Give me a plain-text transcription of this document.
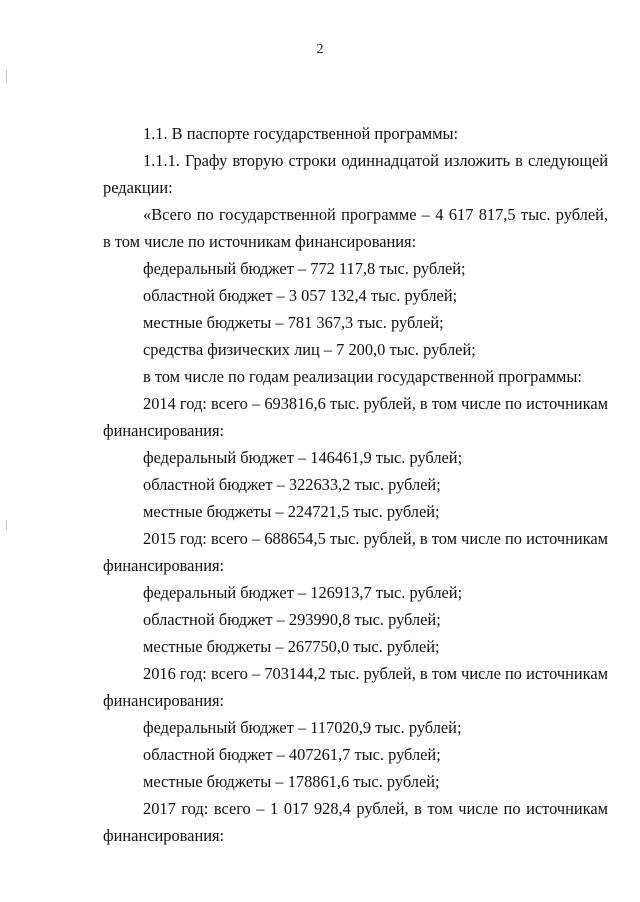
2

1.1. В паспорте государственной программы:

1.1.1. Графу вторую строки одиннадцатой изложить в следующей редакции:

«Всего по государственной программе – 4 617 817,5 тыс. рублей, в том числе по источникам финансирования:

федеральный бюджет – 772 117,8 тыс. рублей;

областной бюджет – 3 057 132,4 тыс. рублей;

местные бюджеты – 781 367,3 тыс. рублей;

средства физических лиц – 7 200,0 тыс. рублей;

в том числе по годам реализации государственной программы:

2014 год: всего – 693816,6 тыс. рублей, в том числе по источникам финансирования:

федеральный бюджет – 146461,9 тыс. рублей;

областной бюджет – 322633,2 тыс. рублей;

местные бюджеты – 224721,5 тыс. рублей;

2015 год: всего – 688654,5 тыс. рублей, в том числе по источникам финансирования:

федеральный бюджет – 126913,7 тыс. рублей;

областной бюджет – 293990,8 тыс. рублей;

местные бюджеты – 267750,0 тыс. рублей;

2016 год: всего – 703144,2 тыс. рублей, в том числе по источникам финансирования:

федеральный бюджет – 117020,9 тыс. рублей;

областной бюджет – 407261,7 тыс. рублей;

местные бюджеты – 178861,6 тыс. рублей;

2017 год: всего – 1 017 928,4 рублей, в том числе по источникам финансирования:
